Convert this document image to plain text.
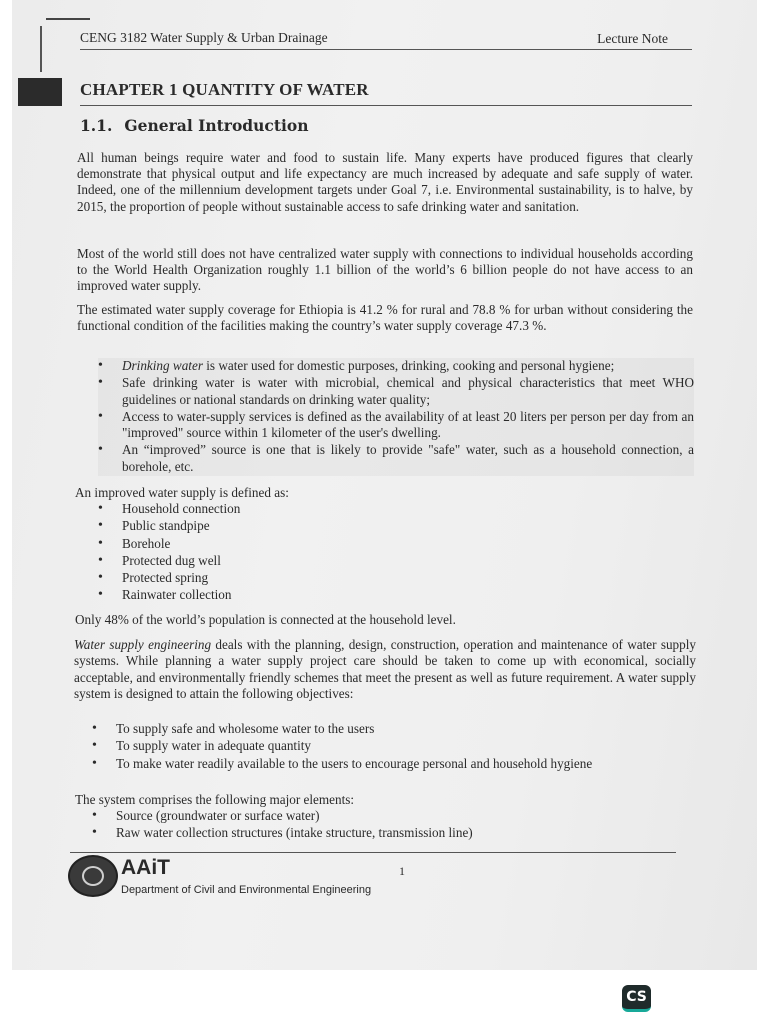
CENG 3182 Water Supply & Urban Drainage	Lecture Note
CHAPTER 1 QUANTITY OF WATER
1.1. General Introduction

All human beings require water and food to sustain life. Many experts have produced figures that clearly demonstrate that physical output and life expectancy are much increased by adequate and safe supply of water. Indeed, one of the millennium development targets under Goal 7, i.e. Environmental sustainability, is to halve, by 2015, the proportion of people without sustainable access to safe drinking water and sanitation.

Most of the world still does not have centralized water supply with connections to individual households according to the World Health Organization roughly 1.1 billion of the world’s 6 billion people do not have access to an improved water supply.

The estimated water supply coverage for Ethiopia is 41.2 % for rural and 78.8 % for urban without considering the functional condition of the facilities making the country’s water supply coverage 47.3 %.

• Drinking water is water used for domestic purposes, drinking, cooking and personal hygiene;
• Safe drinking water is water with microbial, chemical and physical characteristics that meet WHO guidelines or national standards on drinking water quality;
• Access to water-supply services is defined as the availability of at least 20 liters per person per day from an "improved" source within 1 kilometer of the user's dwelling.
• An “improved” source is one that is likely to provide "safe" water, such as a household connection, a borehole, etc.
An improved water supply is defined as:
• Household connection
• Public standpipe
• Borehole
• Protected dug well
• Protected spring
• Rainwater collection
Only 48% of the world’s population is connected at the household level.

Water supply engineering deals with the planning, design, construction, operation and maintenance of water supply systems. While planning a water supply project care should be taken to come up with economical, socially acceptable, and environmentally friendly schemes that meet the present as well as future requirement. A water supply system is designed to attain the following objectives:

• To supply safe and wholesome water to the users
• To supply water in adequate quantity
• To make water readily available to the users to encourage personal and household hygiene
The system comprises the following major elements:
• Source (groundwater or surface water)
• Raw water collection structures (intake structure, transmission line)
AAiT
Department of Civil and Environmental Engineering
1
CS
